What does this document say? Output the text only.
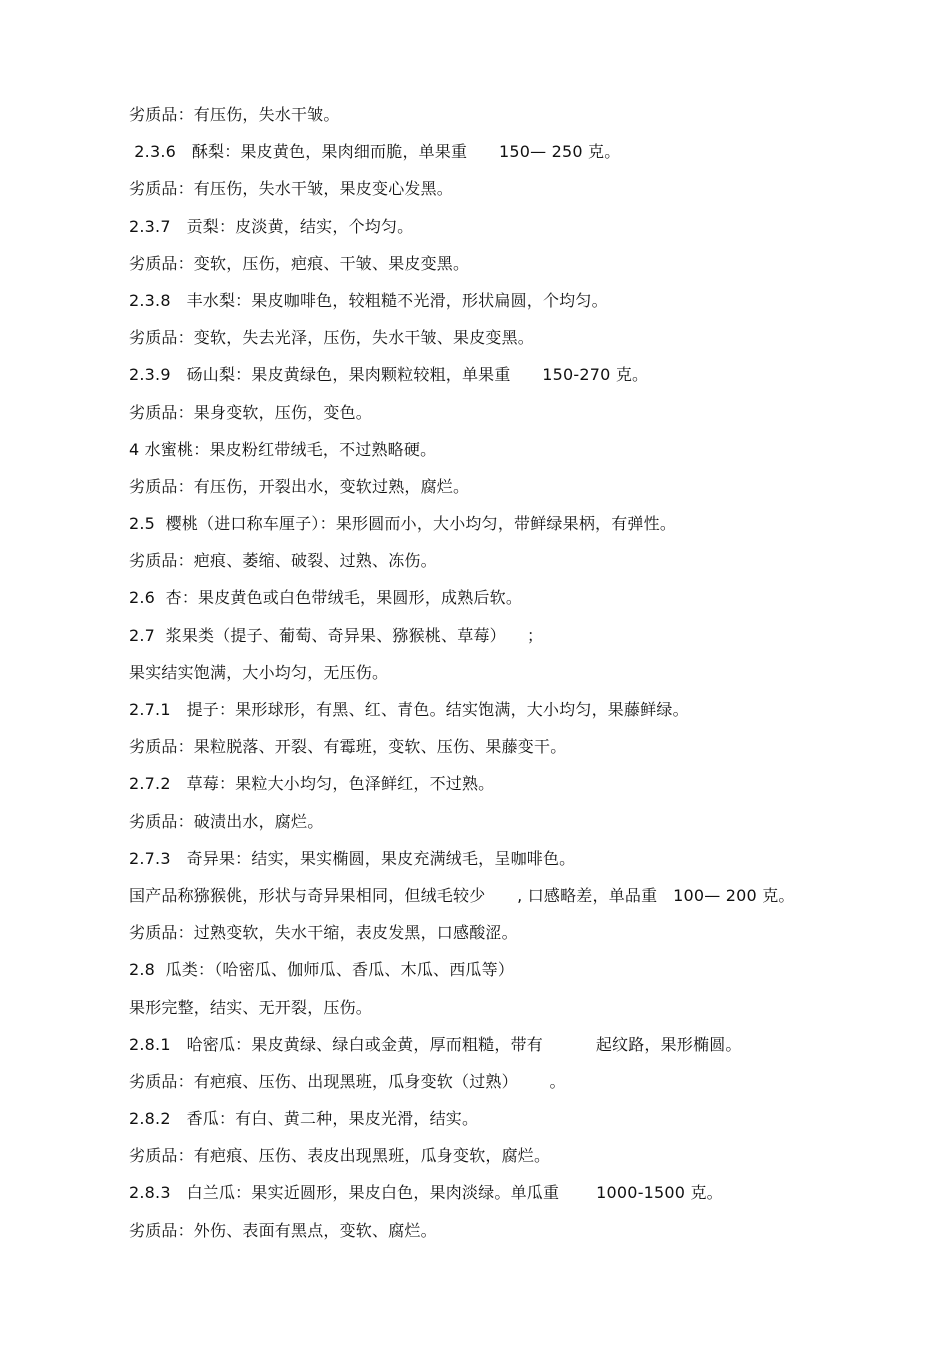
劣质品：有压伤，失水干皱。
2.3.6   酥梨：果皮黄色，果肉细而脆，单果重      150— 250 克。
劣质品：有压伤，失水干皱，果皮变心发黑。
2.3.7   贡梨：皮淡黄，结实，个均匀。
劣质品：变软，压伤，疤痕、干皱、果皮变黑。
2.3.8   丰水梨：果皮咖啡色，较粗糙不光滑，形状扁圆，个均匀。
劣质品：变软，失去光泽，压伤，失水干皱、果皮变黑。
2.3.9   砀山梨：果皮黄绿色，果肉颗粒较粗，单果重      150-270 克。
劣质品：果身变软，压伤，变色。
4 水蜜桃：果皮粉红带绒毛，不过熟略硬。
劣质品：有压伤，开裂出水，变软过熟，腐烂。
2.5  樱桃（进口称车厘子）：果形圆而小，大小均匀，带鲜绿果柄，有弹性。
劣质品：疤痕、萎缩、破裂、过熟、冻伤。
2.6  杏：果皮黄色或白色带绒毛，果圆形，成熟后软。
2.7  浆果类（提子、葡萄、奇异果、猕猴桃、草莓）    ；
果实结实饱满，大小均匀，无压伤。
2.7.1   提子：果形球形，有黑、红、青色。结实饱满，大小均匀，果藤鲜绿。
劣质品：果粒脱落、开裂、有霉班，变软、压伤、果藤变干。
2.7.2   草莓：果粒大小均匀，色泽鲜红，不过熟。
劣质品：破渍出水，腐烂。
2.7.3   奇异果：结实，果实椭圆，果皮充满绒毛，呈咖啡色。
国产品称猕猴佻，形状与奇异果相同，但绒毛较少      , 口感略差，单品重   100— 200 克。
劣质品：过熟变软，失水干缩，表皮发黑，口感酸涩。
2.8  瓜类：（哈密瓜、伽师瓜、香瓜、木瓜、西瓜等）
果形完整，结实、无开裂，压伤。
2.8.1   哈密瓜：果皮黄绿、绿白或金黄，厚而粗糙，带有          起纹路，果形椭圆。
劣质品：有疤痕、压伤、出现黑班，瓜身变软（过熟）      。
2.8.2   香瓜：有白、黄二种，果皮光滑，结实。
劣质品：有疤痕、压伤、表皮出现黑班，瓜身变软，腐烂。
2.8.3   白兰瓜：果实近圆形，果皮白色，果肉淡绿。单瓜重       1000-1500 克。
劣质品：外伤、表面有黑点，变软、腐烂。
